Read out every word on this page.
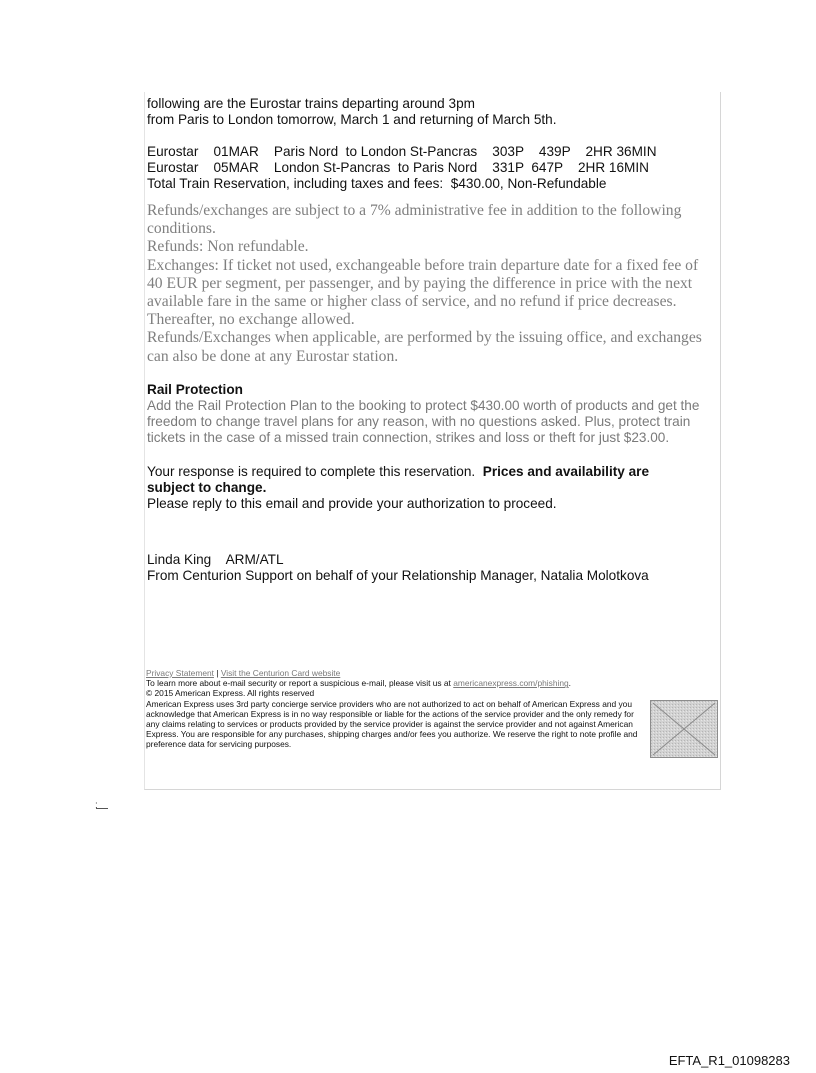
following are the Eurostar trains departing around 3pm
from Paris to London tomorrow, March 1 and returning of March 5th.
Eurostar    01MAR    Paris Nord  to London St-Pancras    303P    439P    2HR 36MIN
Eurostar    05MAR    London St-Pancras  to Paris Nord    331P  647P    2HR 16MIN
Total Train Reservation, including taxes and fees:  $430.00, Non-Refundable
Refunds/exchanges are subject to a 7% administrative fee in addition to the following conditions.
Refunds: Non refundable.
Exchanges: If ticket not used, exchangeable before train departure date for a fixed fee of 40 EUR per segment, per passenger, and by paying the difference in price with the next available fare in the same or higher class of service, and no refund if price decreases. Thereafter, no exchange allowed.
Refunds/Exchanges when applicable, are performed by the issuing office, and exchanges can also be done at any Eurostar station.
Rail Protection
Add the Rail Protection Plan to the booking to protect $430.00 worth of products and get the freedom to change travel plans for any reason, with no questions asked. Plus, protect train tickets in the case of a missed train connection, strikes and loss or theft for just $23.00.
Your response is required to complete this reservation. Prices and availability are subject to change.
Please reply to this email and provide your authorization to proceed.
Linda King    ARM/ATL
From Centurion Support on behalf of your Relationship Manager, Natalia Molotkova
Privacy Statement | Visit the Centurion Card website
To learn more about e-mail security or report a suspicious e-mail, please visit us at americanexpress.com/phishing.
© 2015 American Express. All rights reserved
American Express uses 3rd party concierge service providers who are not authorized to act on behalf of American Express and you acknowledge that American Express is in no way responsible or liable for the actions of the service provider and the only remedy for any claims relating to services or products provided by the service provider is against the service provider and not against American Express. You are responsible for any purchases, shipping charges and/or fees you authorize. We reserve the right to note profile and preference data for servicing purposes.
:
EFTA_R1_01098283
